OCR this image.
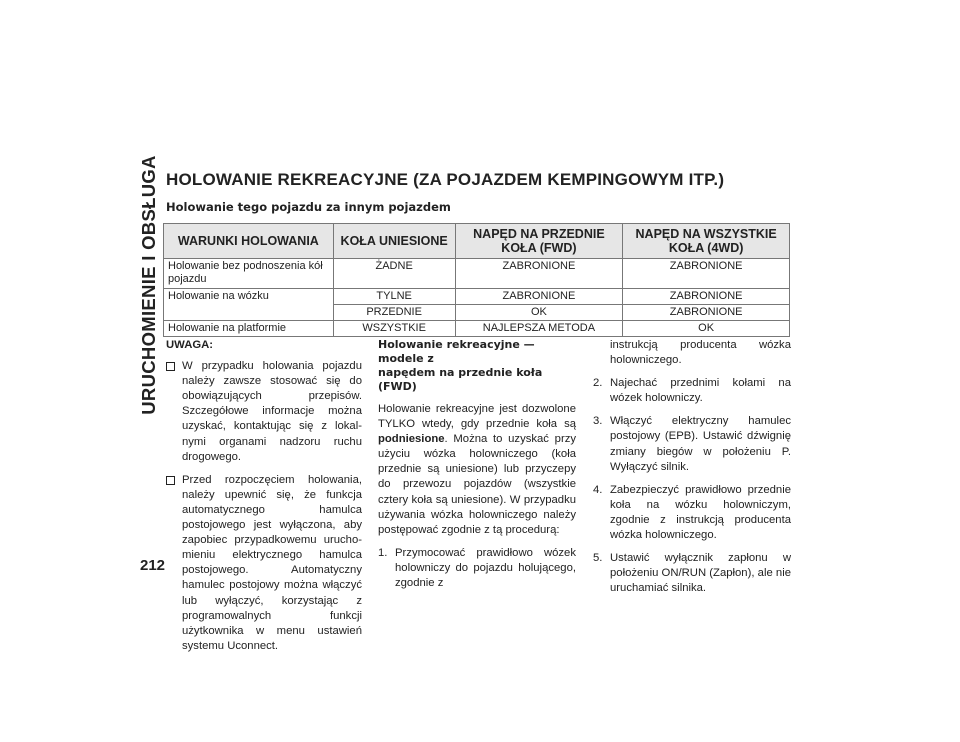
URUCHOMIENIE I OBSŁUGA
212
HOLOWANIE REKREACYJNE (ZA POJAZDEM KEMPINGOWYM ITP.)
Holowanie tego pojazdu za innym pojazdem
WARUNKI HOLOWANIA	KOŁA UNIESIONE	NAPĘD NA PRZEDNIE KOŁA (FWD)	NAPĘD NA WSZYSTKIE KOŁA (4WD)
Holowanie bez podnoszenia kół pojazdu	ŻADNE	ZABRONIONE	ZABRONIONE
Holowanie na wózku	TYLNE	ZABRONIONE	ZABRONIONE
	PRZEDNIE	OK	ZABRONIONE
Holowanie na platformie	WSZYSTKIE	NAJLEPSZA METODA	OK
UWAGA:
W przypadku holowania pojazdu należy zawsze stosować się do obowiązujących przepisów. Szczegółowe informacje można uzyskać, kontaktując się z lokalnymi organami nadzoru ruchu drogowego.
Przed rozpoczęciem holowania, należy upewnić się, że funkcja automatycznego hamulca postojowego jest wyłączona, aby zapobiec przypadkowemu uruchomieniu elektrycznego hamulca postojowego. Automatyczny hamulec postojowy można włączyć lub wyłączyć, korzystając z programowalnych funkcji użytkownika w menu ustawień systemu Uconnect.
Holowanie rekreacyjne — modele z
napędem na przednie koła (FWD)
Holowanie rekreacyjne jest dozwolone TYLKO wtedy, gdy przednie koła są podniesione. Można to uzyskać przy użyciu wózka holowniczego (koła przednie są uniesione) lub przyczepy do przewozu pojazdów (wszystkie cztery koła są uniesione). W przypadku używania wózka holowniczego należy postępować zgodnie z tą procedurą:
1. Przymocować prawidłowo wózek holowniczy do pojazdu holującego, zgodnie z
instrukcją producenta wózka holowniczego.
2. Najechać przednimi kołami na wózek holowniczy.
3. Włączyć elektryczny hamulec postojowy (EPB). Ustawić dźwignię zmiany biegów w położeniu P. Wyłączyć silnik.
4. Zabezpieczyć prawidłowo przednie koła na wózku holowniczym, zgodnie z instrukcją producenta wózka holowniczego.
5. Ustawić wyłącznik zapłonu w położeniu ON/RUN (Zapłon), ale nie uruchamiać silnika.
